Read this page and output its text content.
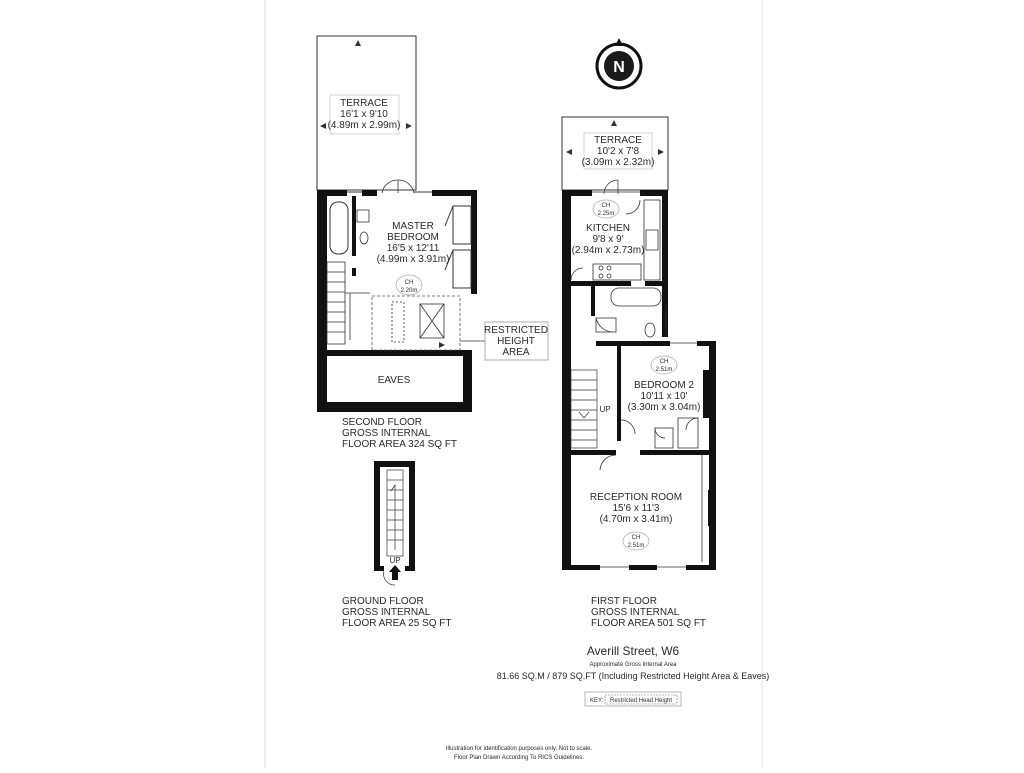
N
TERRACE
16'1 x 9'10
(4.89m x 2.99m)
MASTER
BEDROOM
16'5 x 12'11
(4.99m x 3.91m)
CH
2.20m
EAVES
RESTRICTED
HEIGHT
AREA
SECOND FLOOR
GROSS INTERNAL
FLOOR AREA 324 SQ FT
UP
GROUND FLOOR
GROSS INTERNAL
FLOOR AREA 25 SQ FT
TERRACE
10'2 x 7'8
(3.09m x 2.32m)
UP
CH
2.25m
KITCHEN
9'8 x 9'
(2.94m x 2.73m)
CH
2.51m
BEDROOM 2
10'11 x 10'
(3.30m x 3.04m)
RECEPTION ROOM
15'6 x 11'3
(4.70m x 3.41m)
CH
2.51m
FIRST FLOOR
GROSS INTERNAL
FLOOR AREA 501 SQ FT
Averill Street, W6
Approximate Gross Internal Area
81.66 SQ.M / 879 SQ.FT (Including Restricted Height Area & Eaves)
KEY: Restricted Head Height
Illustration for identification purposes only. Not to scale.
Floor Plan Drawn According To RICS Guidelines.
